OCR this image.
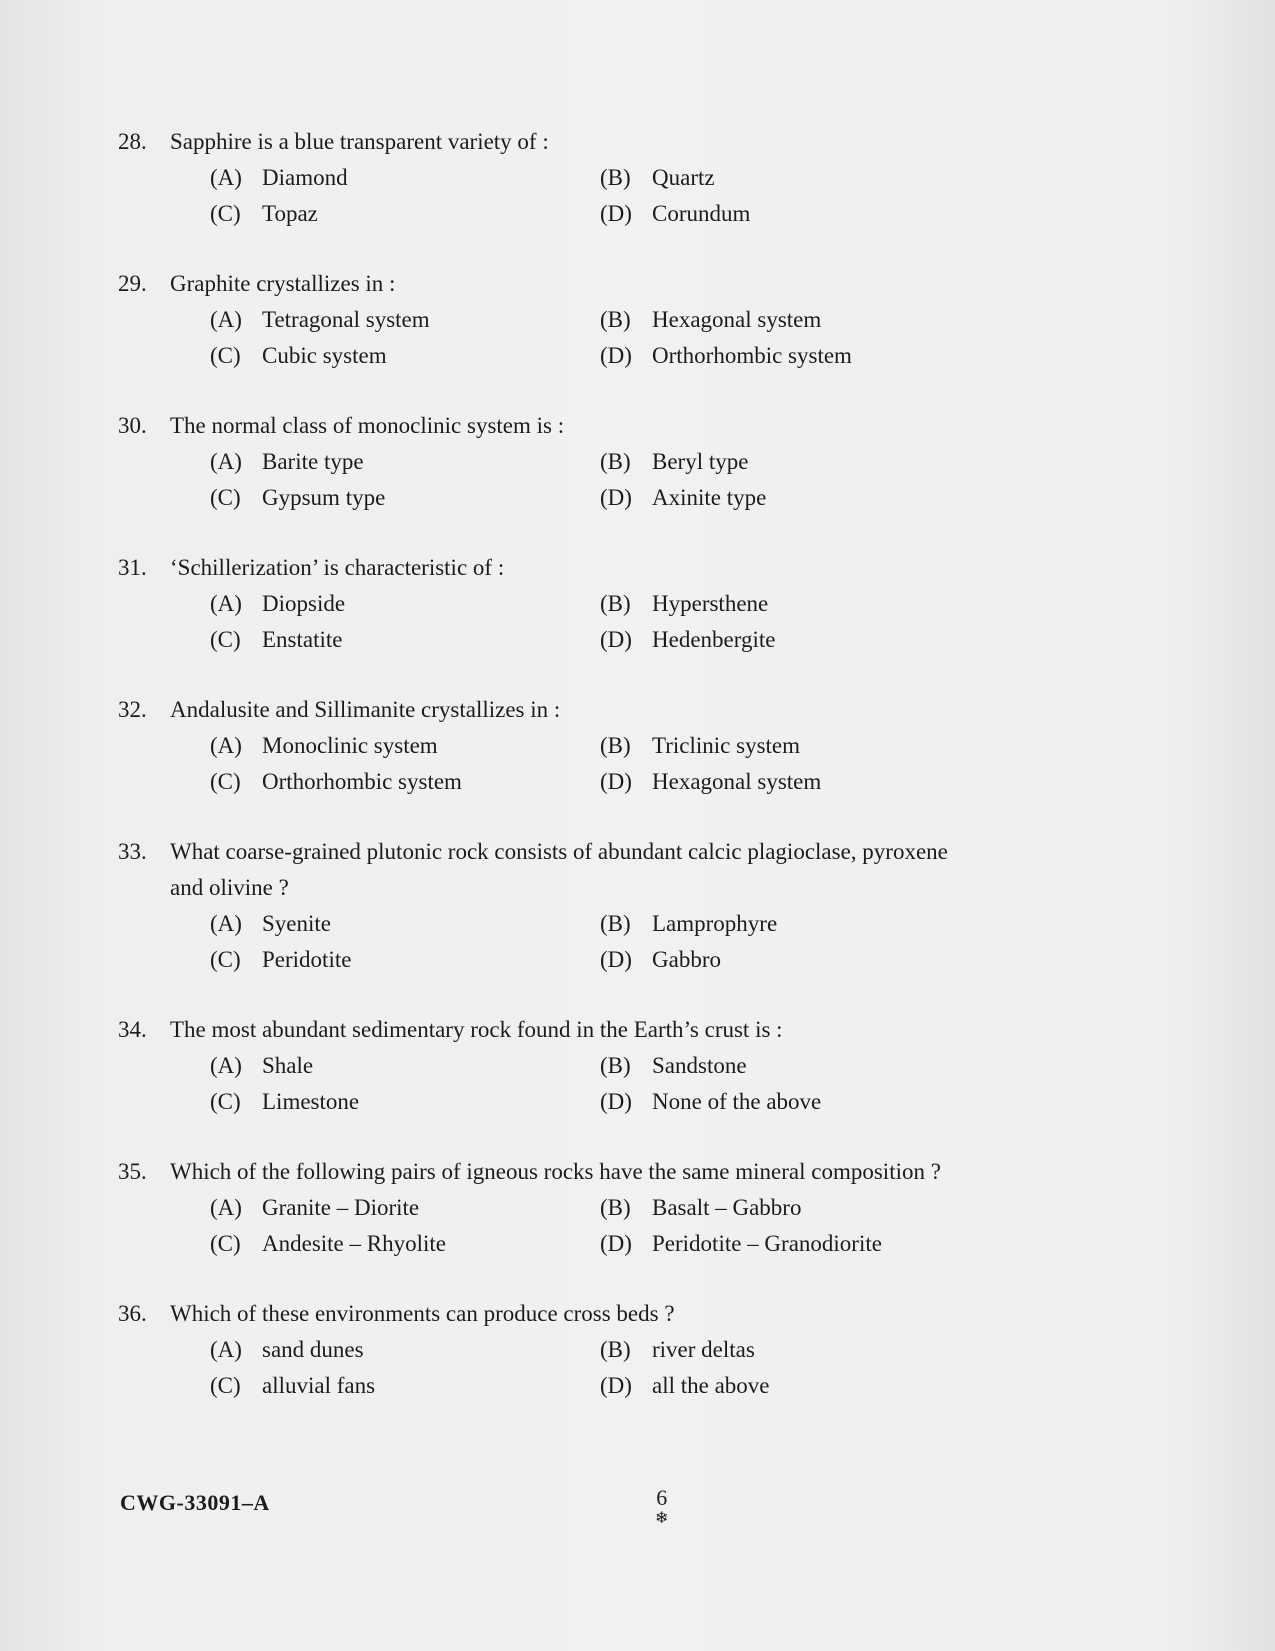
28.	Sapphire is a blue transparent variety of :
(A) Diamond	(B) Quartz
(C) Topaz	(D) Corundum
29.	Graphite crystallizes in :
(A) Tetragonal system	(B) Hexagonal system
(C) Cubic system	(D) Orthorhombic system
30.	The normal class of monoclinic system is :
(A) Barite type	(B) Beryl type
(C) Gypsum type	(D) Axinite type
31.	‘Schillerization’ is characteristic of :
(A) Diopside	(B) Hypersthene
(C) Enstatite	(D) Hedenbergite
32.	Andalusite and Sillimanite crystallizes in :
(A) Monoclinic system	(B) Triclinic system
(C) Orthorhombic system	(D) Hexagonal system
33.	What coarse-grained plutonic rock consists of abundant calcic plagioclase, pyroxene
and olivine ?
(A) Syenite	(B) Lamprophyre
(C) Peridotite	(D) Gabbro
34.	The most abundant sedimentary rock found in the Earth’s crust is :
(A) Shale	(B) Sandstone
(C) Limestone	(D) None of the above
35.	Which of the following pairs of igneous rocks have the same mineral composition ?
(A) Granite – Diorite	(B) Basalt – Gabbro
(C) Andesite – Rhyolite	(D) Peridotite – Granodiorite
36.	Which of these environments can produce cross beds ?
(A) sand dunes	(B) river deltas
(C) alluvial fans	(D) all the above
CWG-33091–A	6
❄
